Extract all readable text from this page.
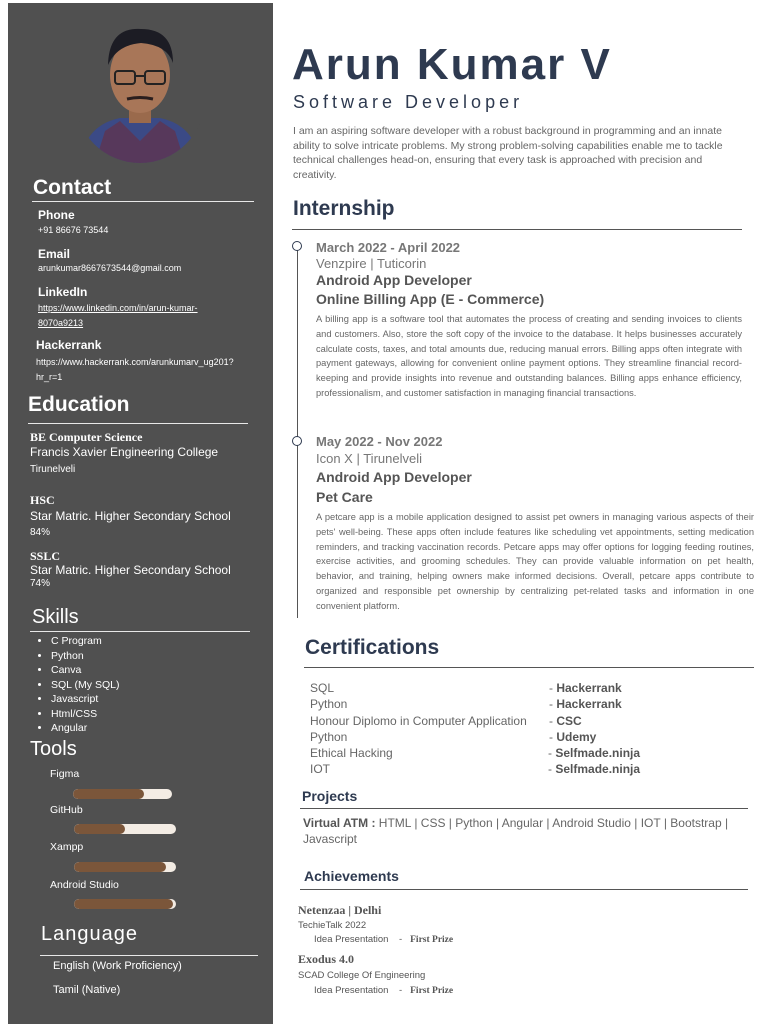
Contact
Phone
+91 86676 73544
Email
arunkumar8667673544@gmail.com
LinkedIn
https://www.linkedin.com/in/arun-kumar-
8070a9213
Hackerrank
https://www.hackerrank.com/arunkumarv_ug201?
hr_r=1
Education
BE Computer Science
Francis Xavier Engineering College
Tirunelveli
HSC
Star Matric. Higher Secondary School
84%
SSLC
Star Matric. Higher Secondary School
74%
Skills
• C Program
• Python
• Canva
• SQL (My SQL)
• Javascript
• Html/CSS
• Angular
Tools
Figma
GitHub
Xampp
Android Studio
Language
English (Work Proficiency)
Tamil (Native)
Arun Kumar V
Software Developer
I am an aspiring software developer with a robust background in programming and an innate ability to solve intricate problems. My strong problem-solving capabilities enable me to tackle technical challenges head-on, ensuring that every task is approached with precision and creativity.
Internship
March 2022 - April 2022
Venzpire | Tuticorin
Android App Developer
Online Billing App (E - Commerce)
A billing app is a software tool that automates the process of creating and sending invoices to clients and customers. Also, store the soft copy of the invoice to the database. It helps businesses accurately calculate costs, taxes, and total amounts due, reducing manual errors. Billing apps often integrate with payment gateways, allowing for convenient online payment options. They streamline financial record-keeping and provide insights into revenue and outstanding balances. Billing apps enhance efficiency, professionalism, and customer satisfaction in managing financial transactions.
May 2022 - Nov 2022
Icon X | Tirunelveli
Android App Developer
Pet Care
A petcare app is a mobile application designed to assist pet owners in managing various aspects of their pets' well-being. These apps often include features like scheduling vet appointments, setting medication reminders, and tracking vaccination records. Petcare apps may offer options for logging feeding routines, exercise activities, and grooming schedules. They can provide valuable information on pet health, behavior, and training, helping owners make informed decisions. Overall, petcare apps contribute to organized and responsible pet ownership by centralizing pet-related tasks and information in one convenient platform.
Certifications
SQL	- Hackerrank
Python	- Hackerrank
Honour Diplomo in Computer Application - CSC
Python	- Udemy
Ethical Hacking	- Selfmade.ninja
IOT	- Selfmade.ninja
Projects
Virtual ATM : HTML | CSS | Python | Angular | Android Studio | IOT | Bootstrap | Javascript
Achievements
Netenzaa | Delhi
TechieTalk 2022
Idea Presentation    -   First Prize
Exodus 4.0
SCAD College Of Engineering
Idea Presentation    -   First Prize
